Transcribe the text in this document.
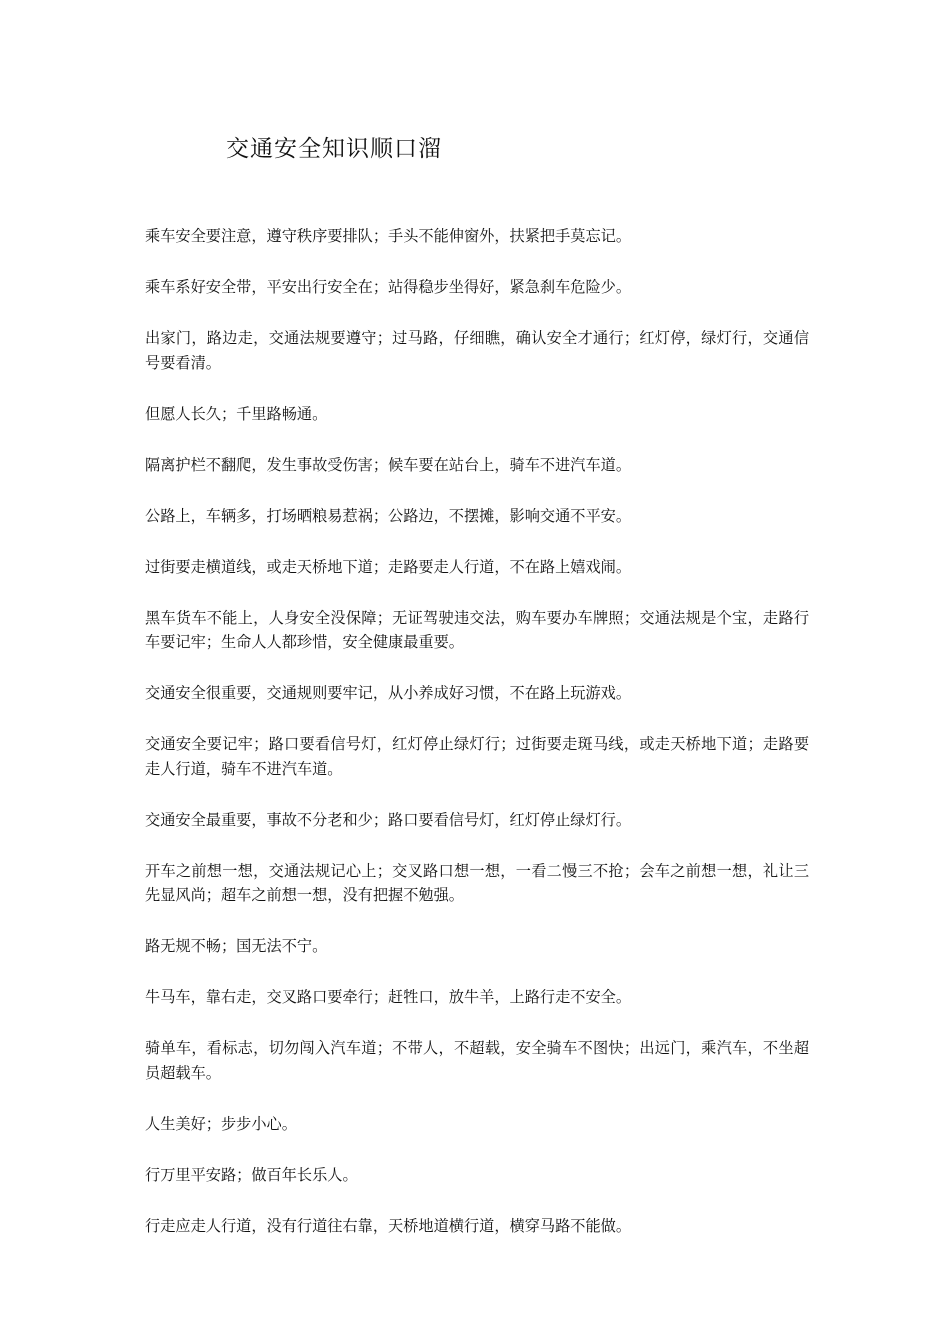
交通安全知识顺口溜

乘车安全要注意，遵守秩序要排队；手头不能伸窗外，扶紧把手莫忘记。

乘车系好安全带，平安出行安全在；站得稳步坐得好，紧急刹车危险少。

出家门，路边走，交通法规要遵守；过马路，仔细瞧，确认安全才通行；红灯停，绿灯行，交通信号要看清。

但愿人长久；千里路畅通。

隔离护栏不翻爬，发生事故受伤害；候车要在站台上，骑车不进汽车道。

公路上，车辆多，打场晒粮易惹祸；公路边，不摆摊，影响交通不平安。

过街要走横道线，或走天桥地下道；走路要走人行道，不在路上嬉戏闹。

黑车货车不能上，人身安全没保障；无证驾驶违交法，购车要办车牌照；交通法规是个宝，走路行车要记牢；生命人人都珍惜，安全健康最重要。

交通安全很重要，交通规则要牢记，从小养成好习惯，不在路上玩游戏。

交通安全要记牢；路口要看信号灯，红灯停止绿灯行；过街要走斑马线，或走天桥地下道；走路要走人行道，骑车不进汽车道。

交通安全最重要，事故不分老和少；路口要看信号灯，红灯停止绿灯行。

开车之前想一想，交通法规记心上；交叉路口想一想，一看二慢三不抢；会车之前想一想，礼让三先显风尚；超车之前想一想，没有把握不勉强。

路无规不畅；国无法不宁。

牛马车，靠右走，交叉路口要牵行；赶牲口，放牛羊，上路行走不安全。

骑单车，看标志，切勿闯入汽车道；不带人，不超载，安全骑车不图快；出远门，乘汽车，不坐超员超载车。

人生美好；步步小心。

行万里平安路；做百年长乐人。

行走应走人行道，没有行道往右靠，天桥地道横行道，横穿马路不能做。
